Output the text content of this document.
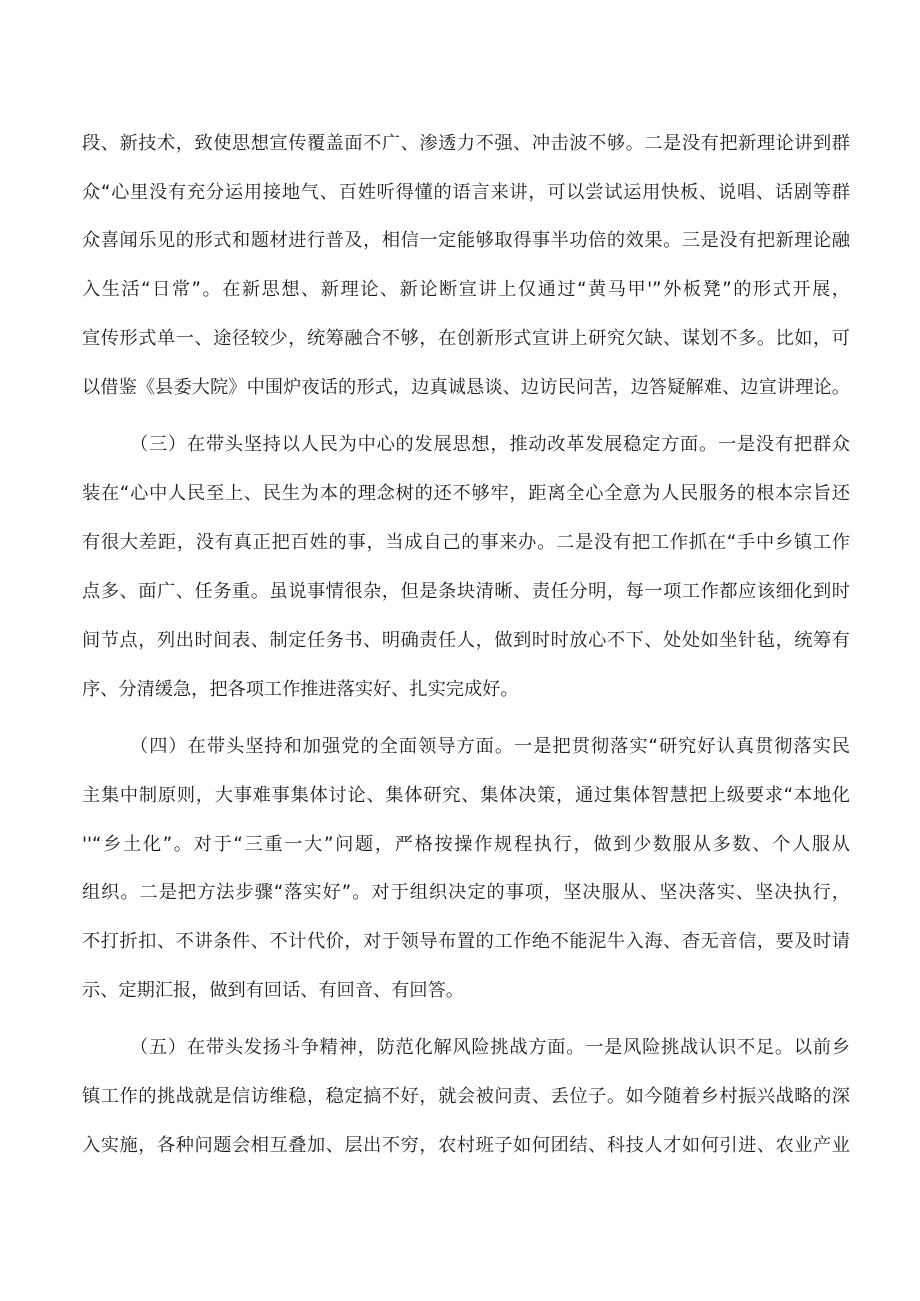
段、新技术，致使思想宣传覆盖面不广、渗透力不强、冲击波不够。二是没有把新理论讲到群
众“心里没有充分运用接地气、百姓听得懂的语言来讲，可以尝试运用快板、说唱、话剧等群
众喜闻乐见的形式和题材进行普及，相信一定能够取得事半功倍的效果。三是没有把新理论融
入生活“日常”。在新思想、新理论、新论断宣讲上仅通过“黄马甲'”外板凳”的形式开展，
宣传形式单一、途径较少，统筹融合不够，在创新形式宣讲上研究欠缺、谋划不多。比如，可
以借鉴《县委大院》中围炉夜话的形式，边真诚恳谈、边访民问苦，边答疑解难、边宣讲理论。
（三）在带头坚持以人民为中心的发展思想，推动改革发展稳定方面。一是没有把群众
装在“心中人民至上、民生为本的理念树的还不够牢，距离全心全意为人民服务的根本宗旨还
有很大差距，没有真正把百姓的事，当成自己的事来办。二是没有把工作抓在“手中乡镇工作
点多、面广、任务重。虽说事情很杂，但是条块清晰、责任分明，每一项工作都应该细化到时
间节点，列出时间表、制定任务书、明确责任人，做到时时放心不下、处处如坐针毡，统筹有
序、分清缓急，把各项工作推进落实好、扎实完成好。
（四）在带头坚持和加强党的全面领导方面。一是把贯彻落实“研究好认真贯彻落实民
主集中制原则，大事难事集体讨论、集体研究、集体决策，通过集体智慧把上级要求“本地化
''“乡土化”。对于“三重一大”问题，严格按操作规程执行，做到少数服从多数、个人服从
组织。二是把方法步骤“落实好”。对于组织决定的事项，坚决服从、坚决落实、坚决执行，
不打折扣、不讲条件、不计代价，对于领导布置的工作绝不能泥牛入海、杳无音信，要及时请
示、定期汇报，做到有回话、有回音、有回答。
（五）在带头发扬斗争精神，防范化解风险挑战方面。一是风险挑战认识不足。以前乡
镇工作的挑战就是信访维稳，稳定搞不好，就会被问责、丢位子。如今随着乡村振兴战略的深
入实施，各种问题会相互叠加、层出不穷，农村班子如何团结、科技人才如何引进、农业产业
